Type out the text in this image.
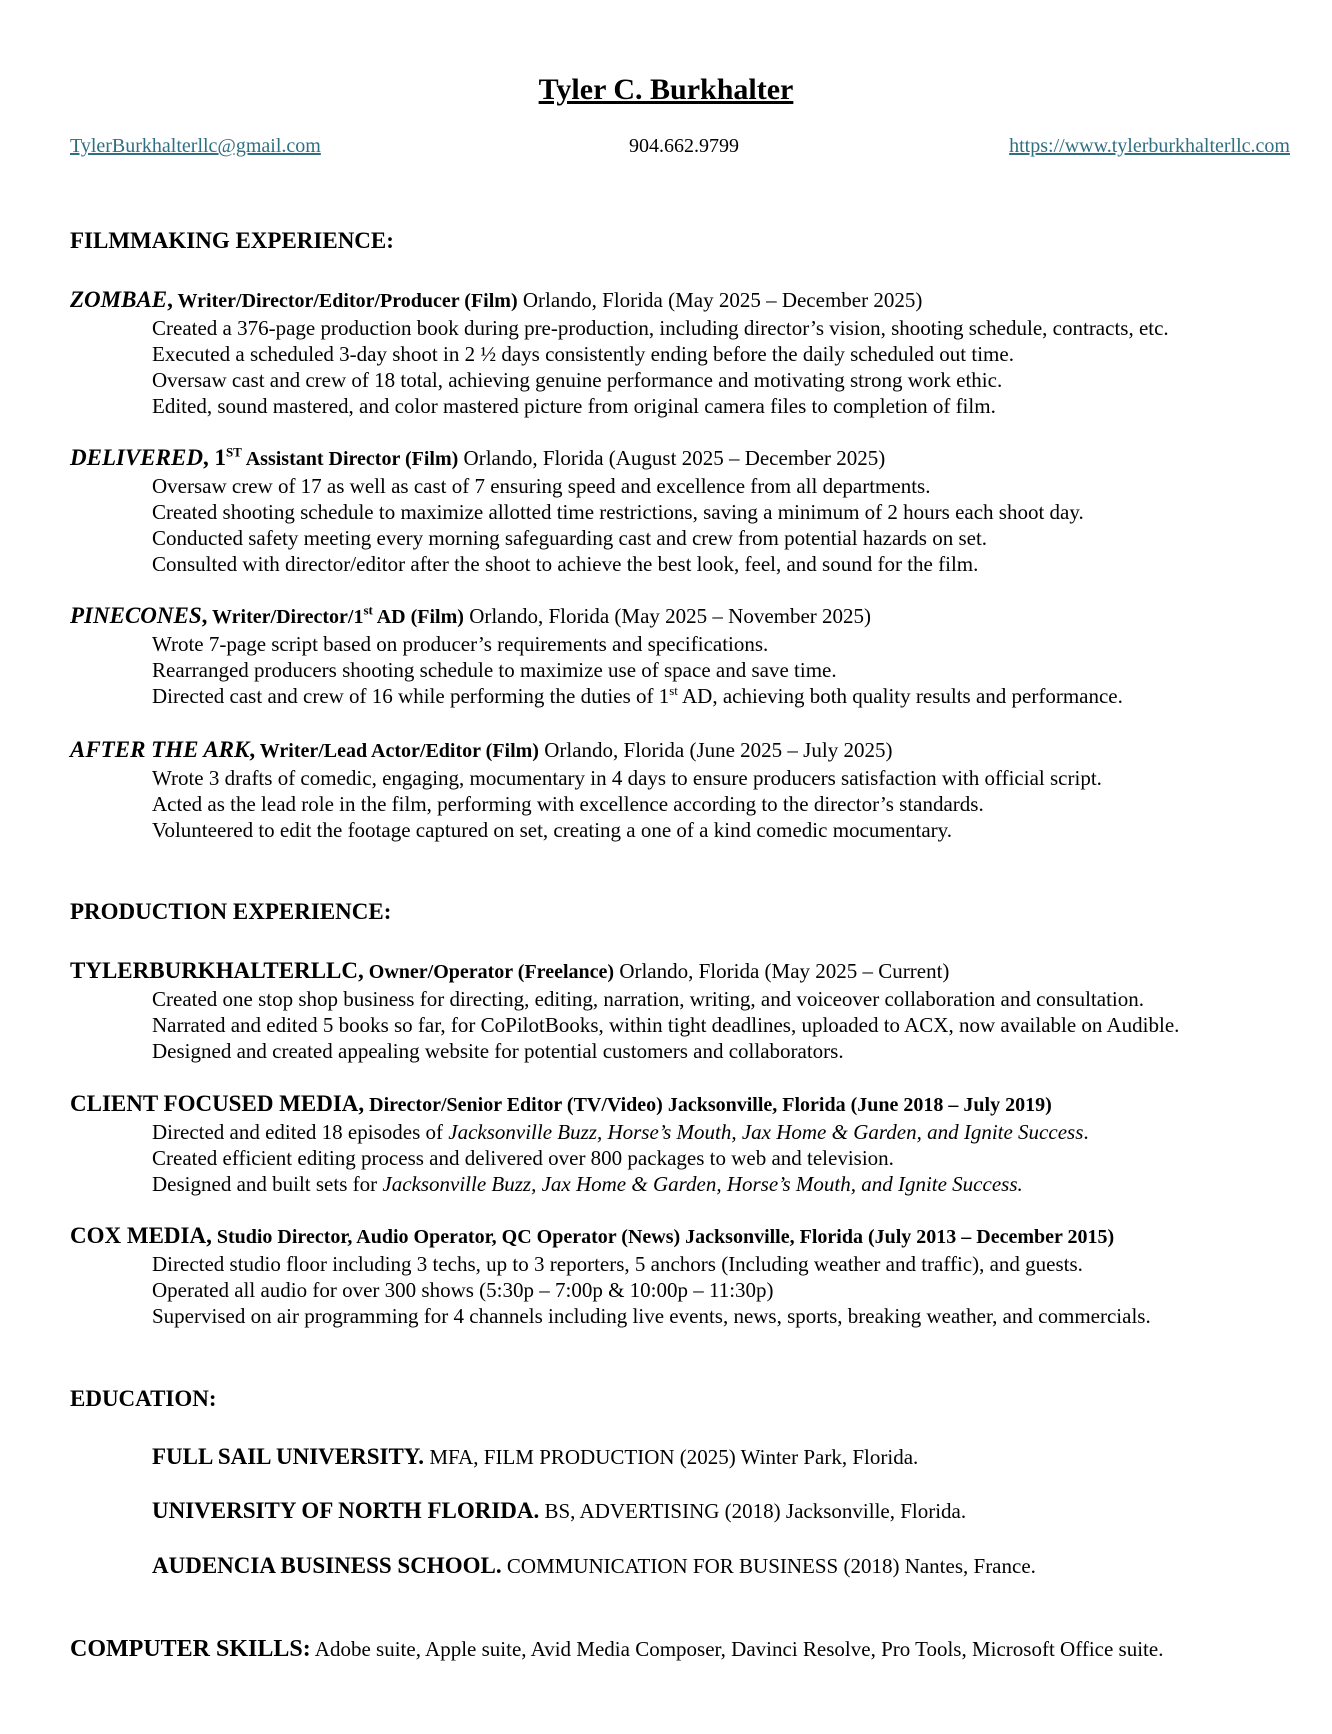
Tyler C. Burkhalter
TylerBurkhalterllc@gmail.com	904.662.9799	https://www.tylerburkhalterllc.com
FILMMAKING EXPERIENCE:
ZOMBAE, Writer/Director/Editor/Producer (Film) Orlando, Florida (May 2025 – December 2025)
Created a 376-page production book during pre-production, including director’s vision, shooting schedule, contracts, etc.
Executed a scheduled 3-day shoot in 2 ½ days consistently ending before the daily scheduled out time.
Oversaw cast and crew of 18 total, achieving genuine performance and motivating strong work ethic.
Edited, sound mastered, and color mastered picture from original camera files to completion of film.
DELIVERED, 1ST Assistant Director (Film) Orlando, Florida (August 2025 – December 2025)
Oversaw crew of 17 as well as cast of 7 ensuring speed and excellence from all departments.
Created shooting schedule to maximize allotted time restrictions, saving a minimum of 2 hours each shoot day.
Conducted safety meeting every morning safeguarding cast and crew from potential hazards on set.
Consulted with director/editor after the shoot to achieve the best look, feel, and sound for the film.
PINECONES, Writer/Director/1st AD (Film) Orlando, Florida (May 2025 – November 2025)
Wrote 7-page script based on producer’s requirements and specifications.
Rearranged producers shooting schedule to maximize use of space and save time.
Directed cast and crew of 16 while performing the duties of 1st AD, achieving both quality results and performance.
AFTER THE ARK, Writer/Lead Actor/Editor (Film) Orlando, Florida (June 2025 – July 2025)
Wrote 3 drafts of comedic, engaging, mocumentary in 4 days to ensure producers satisfaction with official script.
Acted as the lead role in the film, performing with excellence according to the director’s standards.
Volunteered to edit the footage captured on set, creating a one of a kind comedic mocumentary.
PRODUCTION EXPERIENCE:
TYLERBURKHALTERLLC, Owner/Operator (Freelance) Orlando, Florida (May 2025 – Current)
Created one stop shop business for directing, editing, narration, writing, and voiceover collaboration and consultation.
Narrated and edited 5 books so far, for CoPilotBooks, within tight deadlines, uploaded to ACX, now available on Audible.
Designed and created appealing website for potential customers and collaborators.
CLIENT FOCUSED MEDIA, Director/Senior Editor (TV/Video) Jacksonville, Florida (June 2018 – July 2019)
Directed and edited 18 episodes of Jacksonville Buzz, Horse’s Mouth, Jax Home & Garden, and Ignite Success.
Created efficient editing process and delivered over 800 packages to web and television.
Designed and built sets for Jacksonville Buzz, Jax Home & Garden, Horse’s Mouth, and Ignite Success.
COX MEDIA, Studio Director, Audio Operator, QC Operator (News) Jacksonville, Florida (July 2013 – December 2015)
Directed studio floor including 3 techs, up to 3 reporters, 5 anchors (Including weather and traffic), and guests.
Operated all audio for over 300 shows (5:30p – 7:00p & 10:00p – 11:30p)
Supervised on air programming for 4 channels including live events, news, sports, breaking weather, and commercials.
EDUCATION:
FULL SAIL UNIVERSITY. MFA, FILM PRODUCTION (2025) Winter Park, Florida.
UNIVERSITY OF NORTH FLORIDA. BS, ADVERTISING (2018) Jacksonville, Florida.
AUDENCIA BUSINESS SCHOOL. COMMUNICATION FOR BUSINESS (2018) Nantes, France.
COMPUTER SKILLS: Adobe suite, Apple suite, Avid Media Composer, Davinci Resolve, Pro Tools, Microsoft Office suite.
